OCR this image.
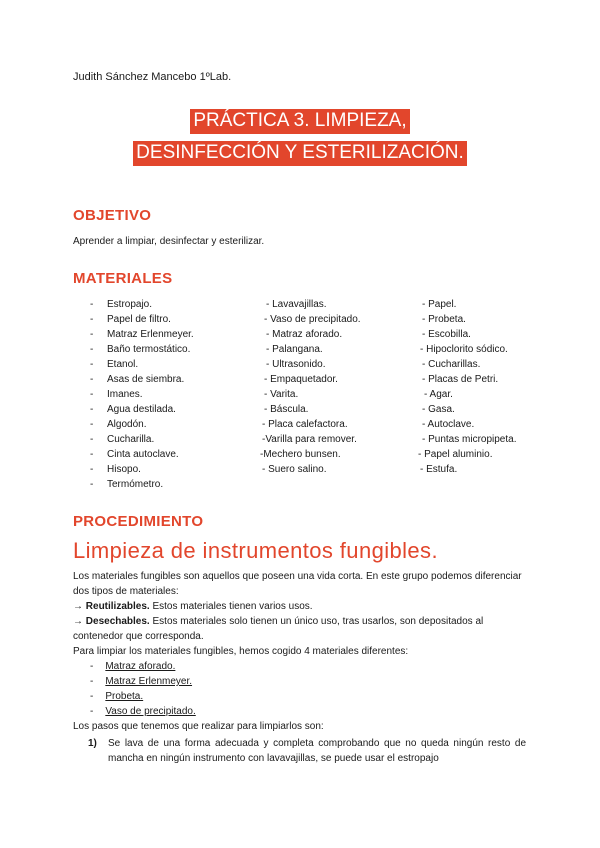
Judith Sánchez Mancebo 1ºLab.
PRÁCTICA 3. LIMPIEZA,
DESINFECCIÓN Y ESTERILIZACIÓN.
OBJETIVO
Aprender a limpiar, desinfectar y esterilizar.
MATERIALES
- Estropajo.	- Lavavajillas.	- Papel.
- Papel de filtro.	- Vaso de precipitado.	- Probeta.
- Matraz Erlenmeyer.	- Matraz aforado.	- Escobilla.
- Baño termostático.	- Palangana.	- Hipoclorito sódico.
- Etanol.	- Ultrasonido.	- Cucharillas.
- Asas de siembra.	- Empaquetador.	- Placas de Petri.
- Imanes.	- Varita.	- Agar.
- Agua destilada.	- Báscula.	- Gasa.
- Algodón.	- Placa calefactora.	- Autoclave.
- Cucharilla.	-Varilla para remover.	- Puntas micropipeta.
- Cinta autoclave.	-Mechero bunsen.	- Papel aluminio.
- Hisopo.	- Suero salino.	- Estufa.
- Termómetro.
PROCEDIMIENTO
Limpieza de instrumentos fungibles.
Los materiales fungibles son aquellos que poseen una vida corta. En este grupo podemos diferenciar dos tipos de materiales:
→ Reutilizables. Estos materiales tienen varios usos.
→ Desechables. Estos materiales solo tienen un único uso, tras usarlos, son depositados al contenedor que corresponda.
Para limpiar los materiales fungibles, hemos cogido 4 materiales diferentes:
- Matraz aforado.
- Matraz Erlenmeyer.
- Probeta.
- Vaso de precipitado.
Los pasos que tenemos que realizar para limpiarlos son:
1) Se lava de una forma adecuada y completa comprobando que no queda ningún resto de mancha en ningún instrumento con lavavajillas, se puede usar el estropajo
